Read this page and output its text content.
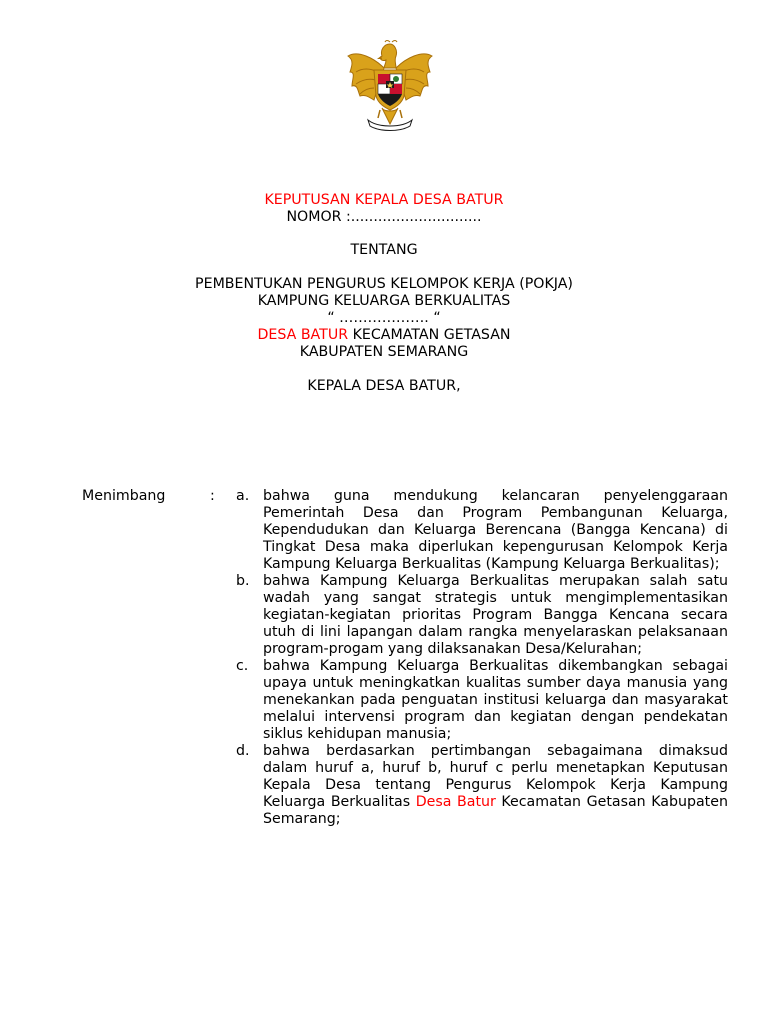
KEPUTUSAN KEPALA DESA BATUR
NOMOR :.............................
TENTANG
PEMBENTUKAN PENGURUS KELOMPOK KERJA (POKJA)
KAMPUNG KELUARGA BERKUALITAS
“ ………………. “
DESA BATUR KECAMATAN GETASAN
KABUPATEN SEMARANG
KEPALA DESA BATUR,
Menimbang	: a. bahwa guna mendukung kelancaran penyelenggaraan Pemerintah Desa dan Program Pembangunan Keluarga, Kependudukan dan Keluarga Berencana (Bangga Kencana) di Tingkat Desa maka diperlukan kepengurusan Kelompok Kerja Kampung Keluarga Berkualitas (Kampung Keluarga Berkualitas);
b. bahwa Kampung Keluarga Berkualitas merupakan salah satu wadah yang sangat strategis untuk mengimplementasikan kegiatan-kegiatan prioritas Program Bangga Kencana secara utuh di lini lapangan dalam rangka menyelaraskan pelaksanaan program-progam yang dilaksanakan Desa/Kelurahan;
c.	bahwa Kampung Keluarga Berkualitas dikembangkan sebagai upaya untuk meningkatkan kualitas sumber daya manusia yang menekankan pada penguatan institusi keluarga dan masyarakat melalui intervensi program dan kegiatan dengan pendekatan siklus kehidupan manusia;
d. bahwa berdasarkan pertimbangan sebagaimana dimaksud dalam huruf a, huruf b, huruf c perlu menetapkan Keputusan Kepala Desa tentang Pengurus Kelompok Kerja Kampung Keluarga Berkualitas Desa Batur Kecamatan Getasan Kabupaten Semarang;
